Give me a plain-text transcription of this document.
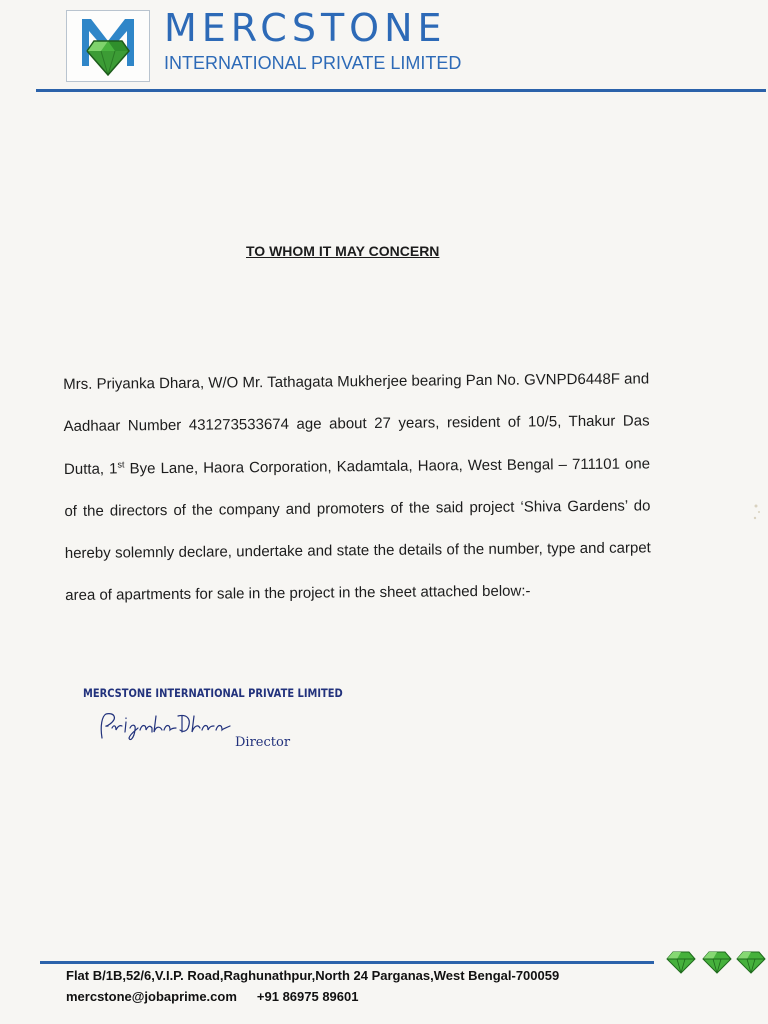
MERCSTONE
INTERNATIONAL PRIVATE LIMITED
TO WHOM IT MAY CONCERN

Mrs. Priyanka Dhara, W/O Mr. Tathagata Mukherjee bearing Pan No. GVNPD6448F and Aadhaar Number 431273533674 age about 27 years, resident of 10/5, Thakur Das Dutta, 1st Bye Lane, Haora Corporation, Kadamtala, Haora, West Bengal – 711101 one of the directors of the company and promoters of the said project ‘Shiva Gardens’ do hereby solemnly declare, undertake and state the details of the number, type and carpet area of apartments for sale in the project in the sheet attached below:-

MERCSTONE INTERNATIONAL PRIVATE LIMITED
Director
Flat B/1B,52/6,V.I.P. Road,Raghunathpur,North 24 Parganas,West Bengal-700059
mercstone@jobaprime.com +91 86975 89601
